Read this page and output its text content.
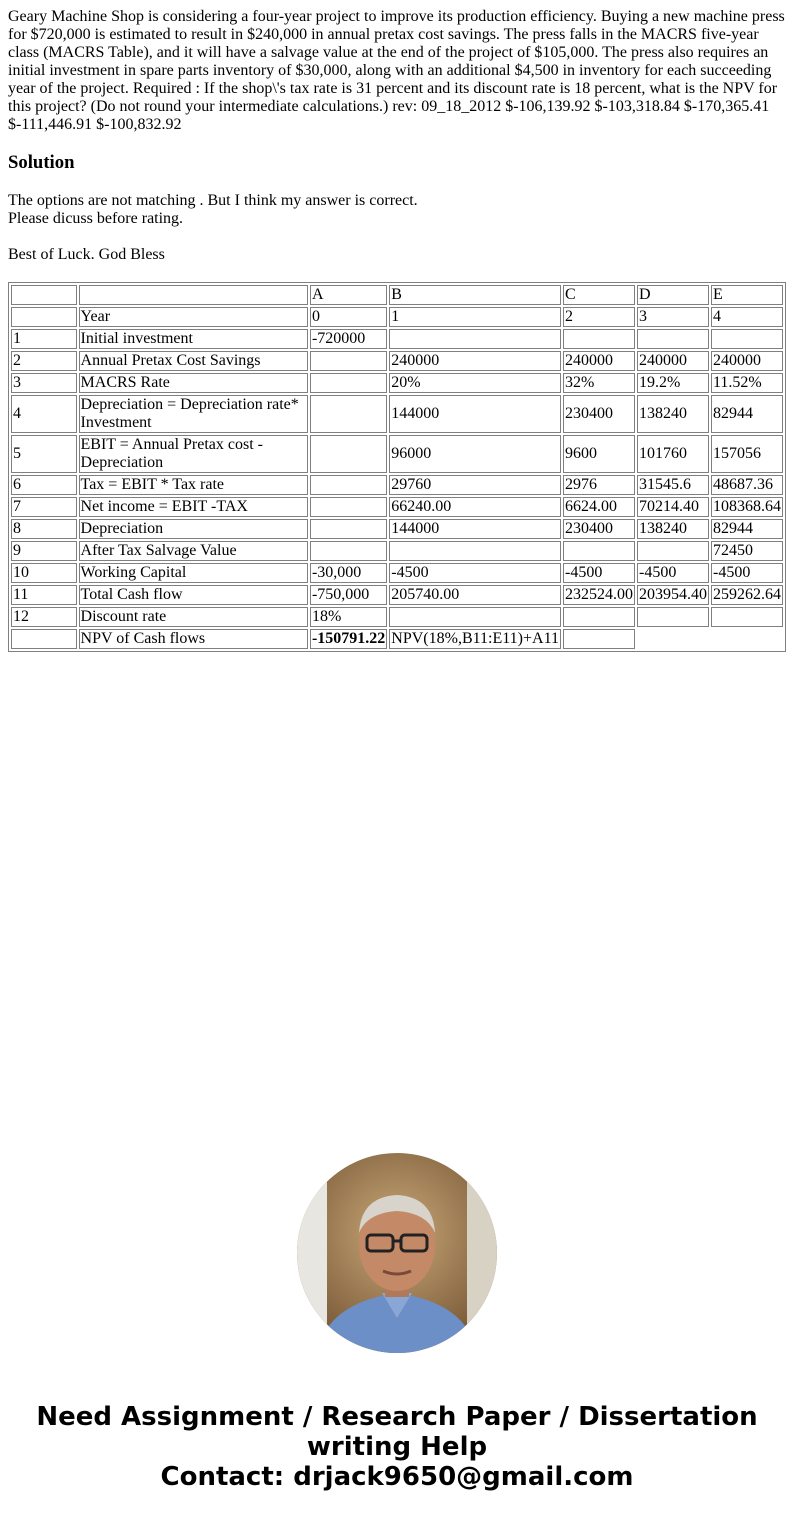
Geary Machine Shop is considering a four-year project to improve its production efficiency. Buying a new machine press for $720,000 is estimated to result in $240,000 in annual pretax cost savings. The press falls in the MACRS five-year class (MACRS Table), and it will have a salvage value at the end of the project of $105,000. The press also requires an initial investment in spare parts inventory of $30,000, along with an additional $4,500 in inventory for each succeeding year of the project. Required : If the shop\'s tax rate is 31 percent and its discount rate is 18 percent, what is the NPV for this project? (Do not round your intermediate calculations.) rev: 09_18_2012 $-106,139.92 $-103,318.84 $-170,365.41 $-111,446.91 $-100,832.92

Solution

The options are not matching . But I think my answer is correct.

Please dicuss before rating.

Best of Luck. God Bless

		A	B	C	D	E
	Year	0	1	2	3	4
1	Initial investment	-720000				
2	Annual Pretax Cost Savings		240000	240000	240000	240000
3	MACRS Rate		20%	32%	19.2%	11.52%
4	Depreciation = Depreciation rate* Investment		144000	230400	138240	82944
5	EBIT = Annual Pretax cost - Depreciation		96000	9600	101760	157056
6	Tax = EBIT * Tax rate		29760	2976	31545.6	48687.36
7	Net income = EBIT -TAX		66240.00	6624.00	70214.40	108368.64
8	Depreciation		144000	230400	138240	82944
9	After Tax Salvage Value					72450
10	Working Capital	-30,000	-4500	-4500	-4500	-4500
11	Total Cash flow	-750,000	205740.00	232524.00	203954.40	259262.64
12	Discount rate	18%				
	NPV of Cash flows	-150791.22	NPV(18%,B11:E11)+A11			
Need Assignment / Research Paper / Dissertation
writing Help
Contact: drjack9650@gmail.com
